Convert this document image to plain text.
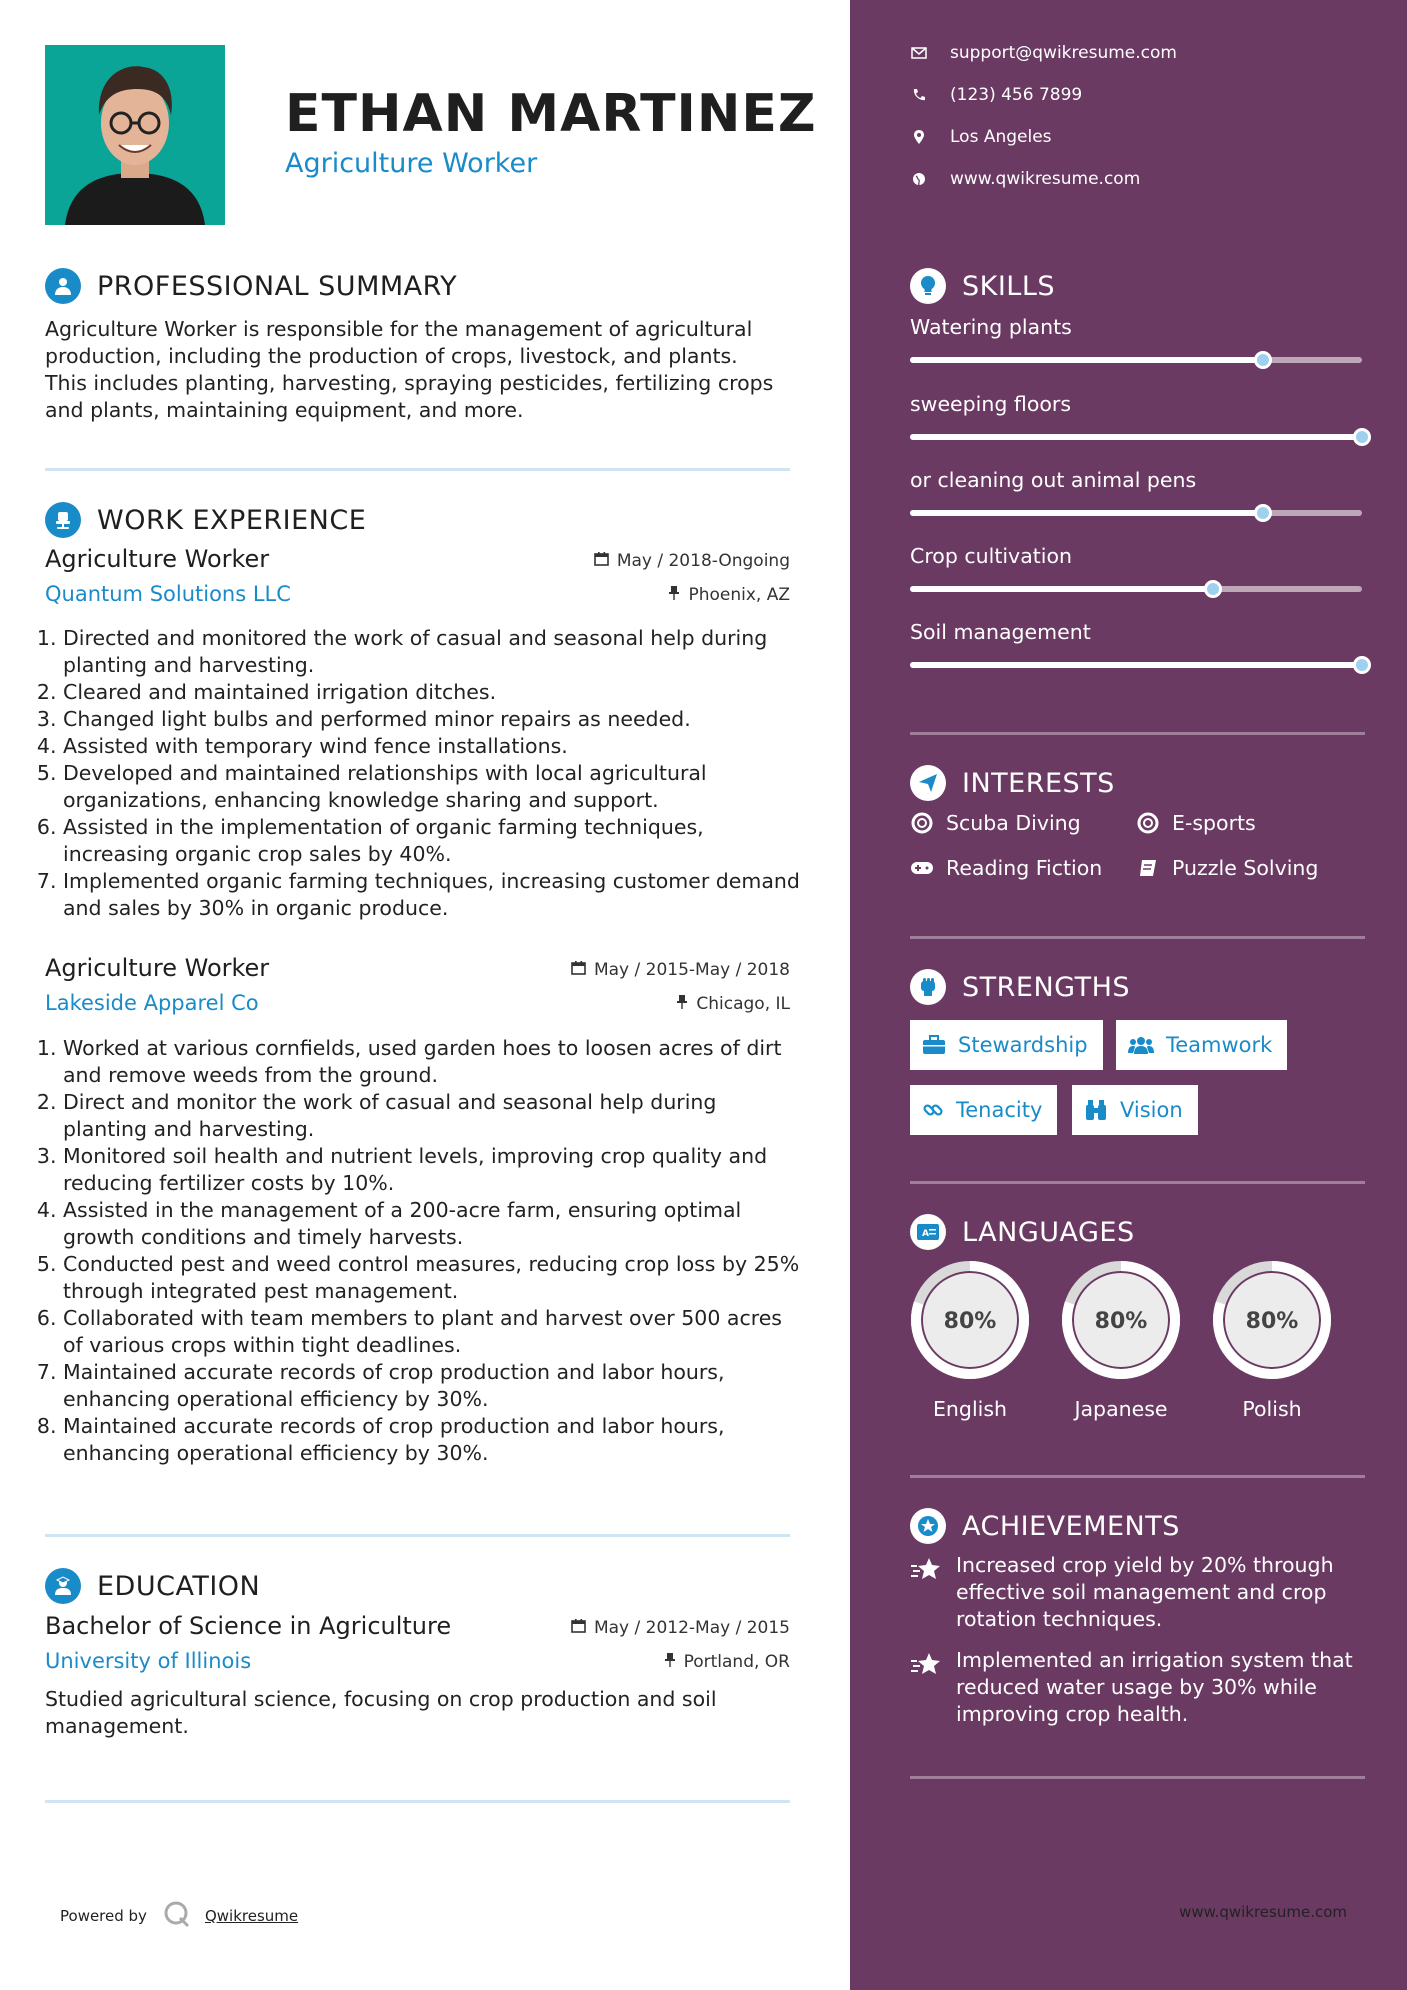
ETHAN MARTINEZ
Agriculture Worker
PROFESSIONAL SUMMARY

Agriculture Worker is responsible for the management of agricultural production, including the production of crops, livestock, and plants. This includes planting, harvesting, spraying pesticides, fertilizing crops and plants, maintaining equipment, and more.

WORK EXPERIENCE
Agriculture Worker
Quantum Solutions LLC
May / 2018-Ongoing
Phoenix, AZ
1. Directed and monitored the work of casual and seasonal help during planting and harvesting.
2. Cleared and maintained irrigation ditches.
3. Changed light bulbs and performed minor repairs as needed.
4. Assisted with temporary wind fence installations.
5. Developed and maintained relationships with local agricultural organizations, enhancing knowledge sharing and support.
6. Assisted in the implementation of organic farming techniques, increasing organic crop sales by 40%.
7. Implemented organic farming techniques, increasing customer demand and sales by 30% in organic produce.
Agriculture Worker
Lakeside Apparel Co
May / 2015-May / 2018
Chicago, IL
1. Worked at various cornfields, used garden hoes to loosen acres of dirt and remove weeds from the ground.
2. Direct and monitor the work of casual and seasonal help during planting and harvesting.
3. Monitored soil health and nutrient levels, improving crop quality and reducing fertilizer costs by 10%.
4. Assisted in the management of a 200-acre farm, ensuring optimal growth conditions and timely harvests.
5. Conducted pest and weed control measures, reducing crop loss by 25% through integrated pest management.
6. Collaborated with team members to plant and harvest over 500 acres of various crops within tight deadlines.
7. Maintained accurate records of crop production and labor hours, enhancing operational efficiency by 30%.
8. Maintained accurate records of crop production and labor hours, enhancing operational efficiency by 30%.
EDUCATION
Bachelor of Science in Agriculture
University of Illinois
May / 2012-May / 2015
Portland, OR

Studied agricultural science, focusing on crop production and soil management.

Powered by	Qwikresume
support@qwikresume.com
(123) 456 7899
Los Angeles
www.qwikresume.com
SKILLS
Watering plants
sweeping floors
or cleaning out animal pens
Crop cultivation
Soil management
INTERESTS
Scuba Diving	E-sports
Reading Fiction	Puzzle Solving
STRENGTHS
Stewardship	Teamwork
Tenacity	Vision
A LANGUAGES
80%
English
80%
Japanese
80%
Polish
ACHIEVEMENTS
Increased crop yield by 20% through effective soil management and crop rotation techniques.
Implemented an irrigation system that reduced water usage by 30% while improving crop health.
www.qwikresume.com
